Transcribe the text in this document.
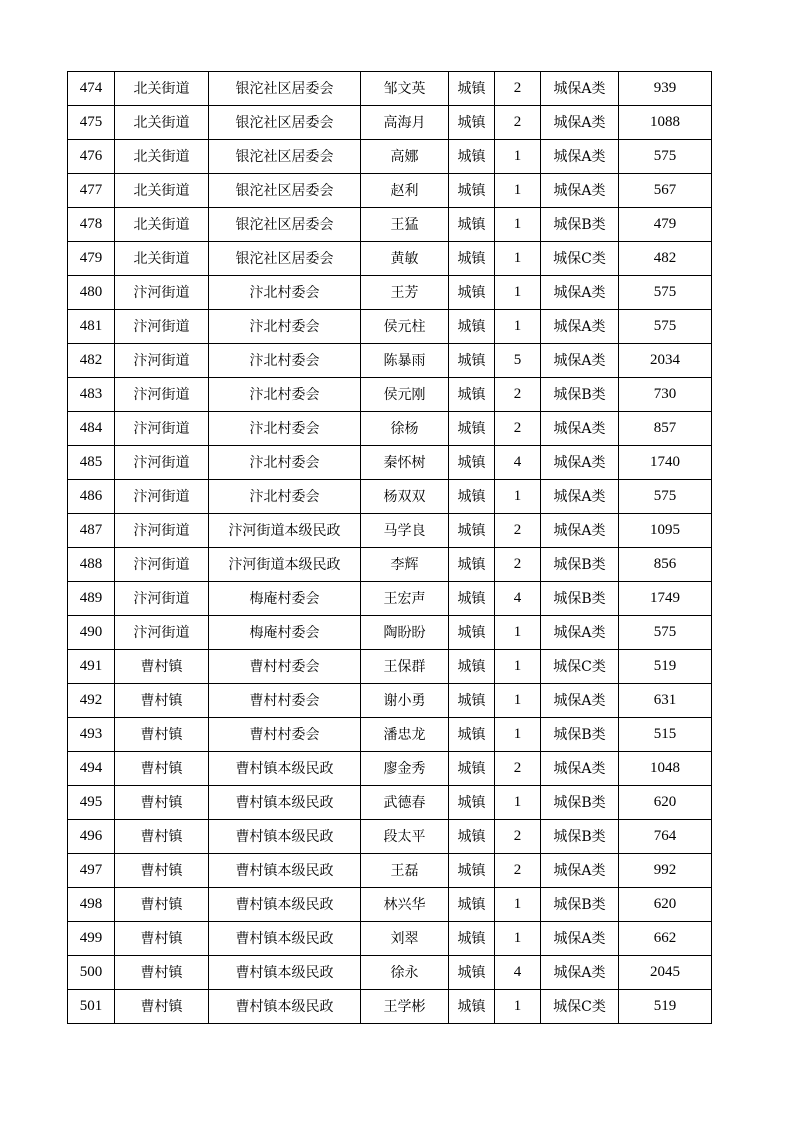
474	北关街道	银沱社区居委会	邹文英	城镇	2	城保A类	939
475	北关街道	银沱社区居委会	高海月	城镇	2	城保A类	1088
476	北关街道	银沱社区居委会	高娜	城镇	1	城保A类	575
477	北关街道	银沱社区居委会	赵利	城镇	1	城保A类	567
478	北关街道	银沱社区居委会	王猛	城镇	1	城保B类	479
479	北关街道	银沱社区居委会	黄敏	城镇	1	城保C类	482
480	汴河街道	汴北村委会	王芳	城镇	1	城保A类	575
481	汴河街道	汴北村委会	侯元柱	城镇	1	城保A类	575
482	汴河街道	汴北村委会	陈暴雨	城镇	5	城保A类	2034
483	汴河街道	汴北村委会	侯元刚	城镇	2	城保B类	730
484	汴河街道	汴北村委会	徐杨	城镇	2	城保A类	857
485	汴河街道	汴北村委会	秦怀树	城镇	4	城保A类	1740
486	汴河街道	汴北村委会	杨双双	城镇	1	城保A类	575
487	汴河街道	汴河街道本级民政	马学良	城镇	2	城保A类	1095
488	汴河街道	汴河街道本级民政	李辉	城镇	2	城保B类	856
489	汴河街道	梅庵村委会	王宏声	城镇	4	城保B类	1749
490	汴河街道	梅庵村委会	陶盼盼	城镇	1	城保A类	575
491	曹村镇	曹村村委会	王保群	城镇	1	城保C类	519
492	曹村镇	曹村村委会	谢小勇	城镇	1	城保A类	631
493	曹村镇	曹村村委会	潘忠龙	城镇	1	城保B类	515
494	曹村镇	曹村镇本级民政	廖金秀	城镇	2	城保A类	1048
495	曹村镇	曹村镇本级民政	武德春	城镇	1	城保B类	620
496	曹村镇	曹村镇本级民政	段太平	城镇	2	城保B类	764
497	曹村镇	曹村镇本级民政	王磊	城镇	2	城保A类	992
498	曹村镇	曹村镇本级民政	林兴华	城镇	1	城保B类	620
499	曹村镇	曹村镇本级民政	刘翠	城镇	1	城保A类	662
500	曹村镇	曹村镇本级民政	徐永	城镇	4	城保A类	2045
501	曹村镇	曹村镇本级民政	王学彬	城镇	1	城保C类	519
